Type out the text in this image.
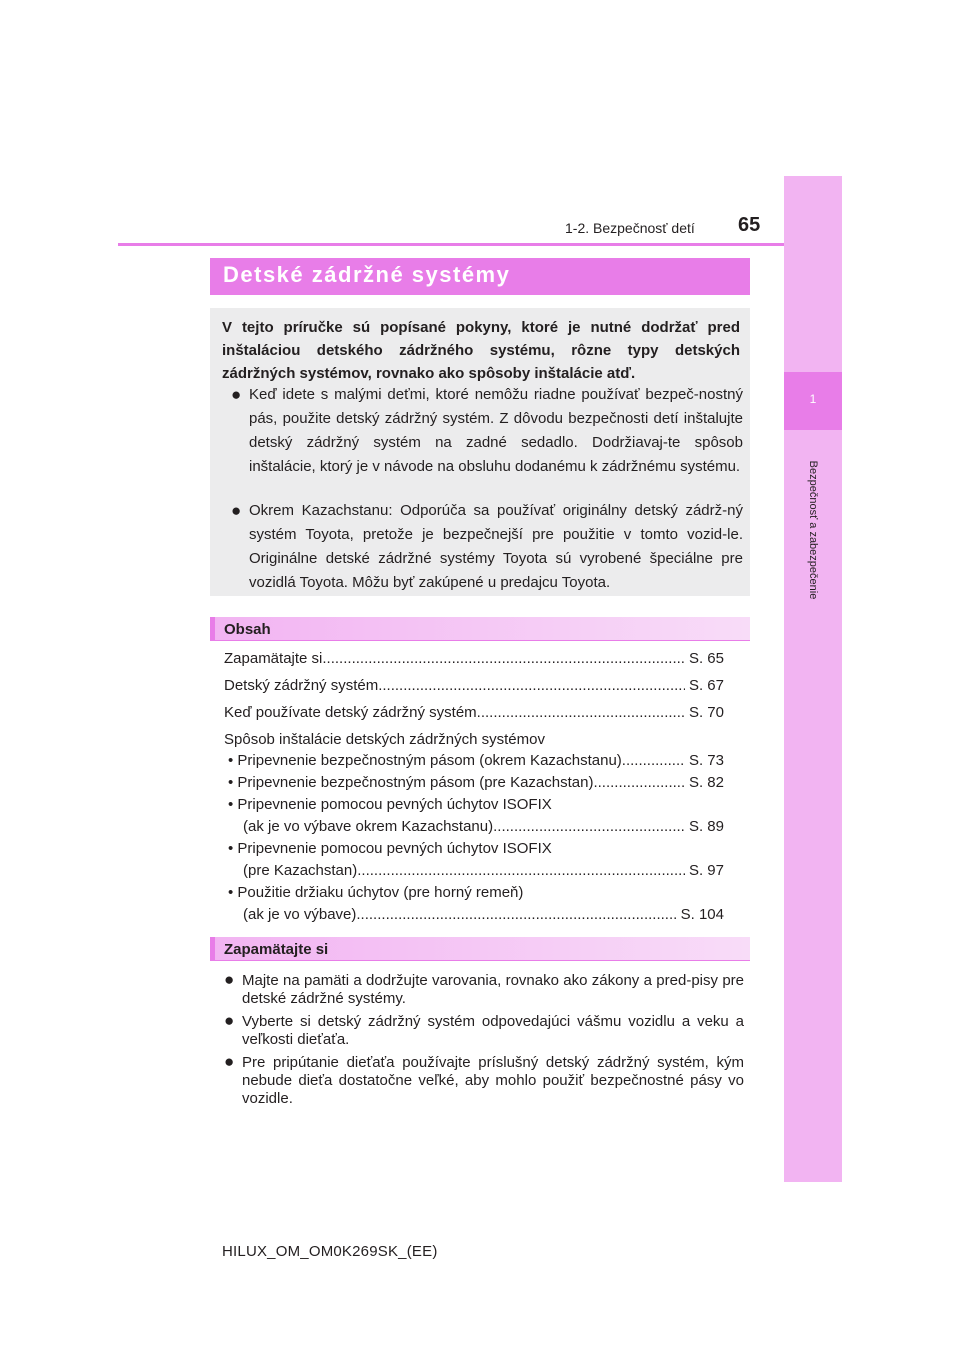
1
Bezpečnosť a zabezpečenie
1-2. Bezpečnosť detí 65
Detské zádržné systémy
V tejto príručke sú popísané pokyny, ktoré je nutné dodržať pred inštaláciou detského zádržného systému, rôzne typy detských zádržných systémov, rovnako ako spôsoby inštalácie atď.
● Keď idete s malými deťmi, ktoré nemôžu riadne používať bezpeč-nostný pás, použite detský zádržný systém. Z dôvodu bezpečnosti detí inštalujte detský zádržný systém na zadné sedadlo. Dodržiavaj-te spôsob inštalácie, ktorý je v návode na obsluhu dodanému k zádržnému systému.
● Okrem Kazachstanu: Odporúča sa používať originálny detský zádrž-ný systém Toyota, pretože je bezpečnejší pre použitie v tomto vozid-le. Originálne detské zádržné systémy Toyota sú vyrobené špeciálne pre vozidlá Toyota. Môžu byť zakúpené u predajcu Toyota.
Obsah
Zapamätajte si .....	S. 65
Detský zádržný systém .....	S. 67
Keď používate detský zádržný systém .....	S. 70
Spôsob inštalácie detských zádržných systémov
• Pripevnenie bezpečnostným pásom (okrem Kazachstanu) .....	S. 73
• Pripevnenie bezpečnostným pásom (pre Kazachstan) .....	S. 82
• Pripevnenie pomocou pevných úchytov ISOFIX
(ak je vo výbave okrem Kazachstanu) .....	S. 89
• Pripevnenie pomocou pevných úchytov ISOFIX
(pre Kazachstan) .....	S. 97
• Použitie držiaku úchytov (pre horný remeň)
(ak je vo výbave) .....	S. 104
Zapamätajte si
● Majte na pamäti a dodržujte varovania, rovnako ako zákony a pred-pisy pre detské zádržné systémy.
● Vyberte si detský zádržný systém odpovedajúci vášmu vozidlu a veku a veľkosti dieťaťa.
● Pre pripútanie dieťaťa používajte príslušný detský zádržný systém, kým nebude dieťa dostatočne veľké, aby mohlo použiť bezpečnostné pásy vo vozidle.
HILUX_OM_OM0K269SK_(EE)
